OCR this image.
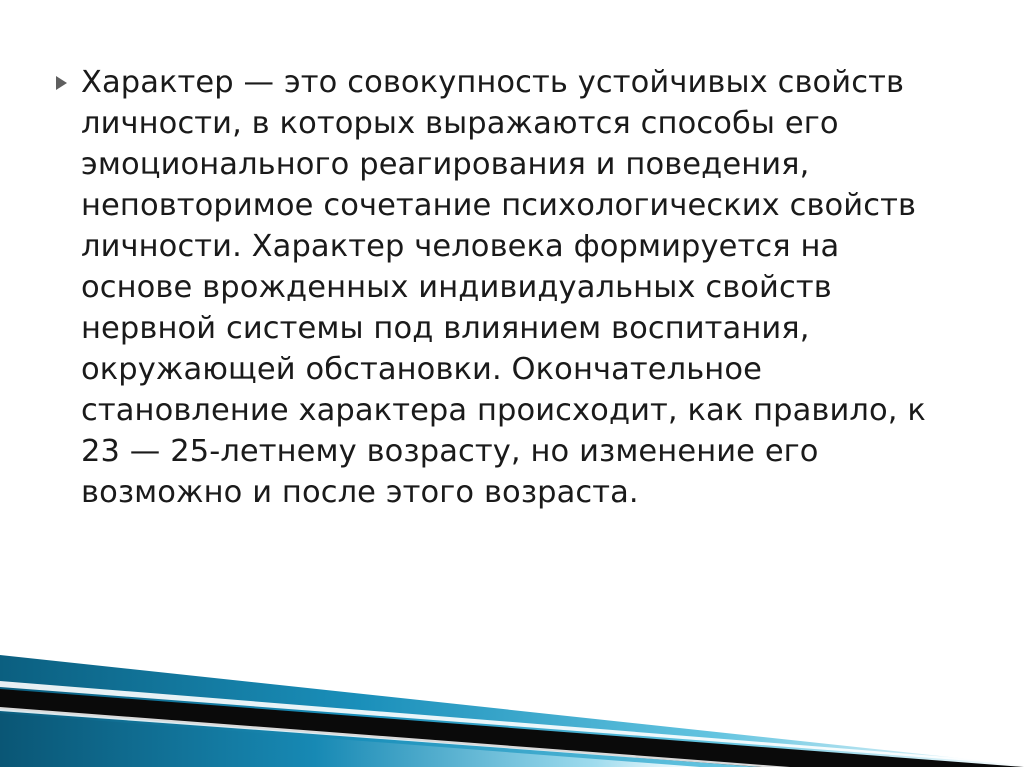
Характер — это совокупность устойчивых свойств личности, в которых выражаются способы его эмоционального реагирования и поведения, неповторимое сочетание психологических свойств личности. Характер человека формируется на основе врожденных индивидуальных свойств нервной системы под влиянием воспитания, окружающей обстановки. Окончательное становление характера происходит, как правило, к 23 — 25-летнему возрасту, но изменение его возможно и после этого возраста.
